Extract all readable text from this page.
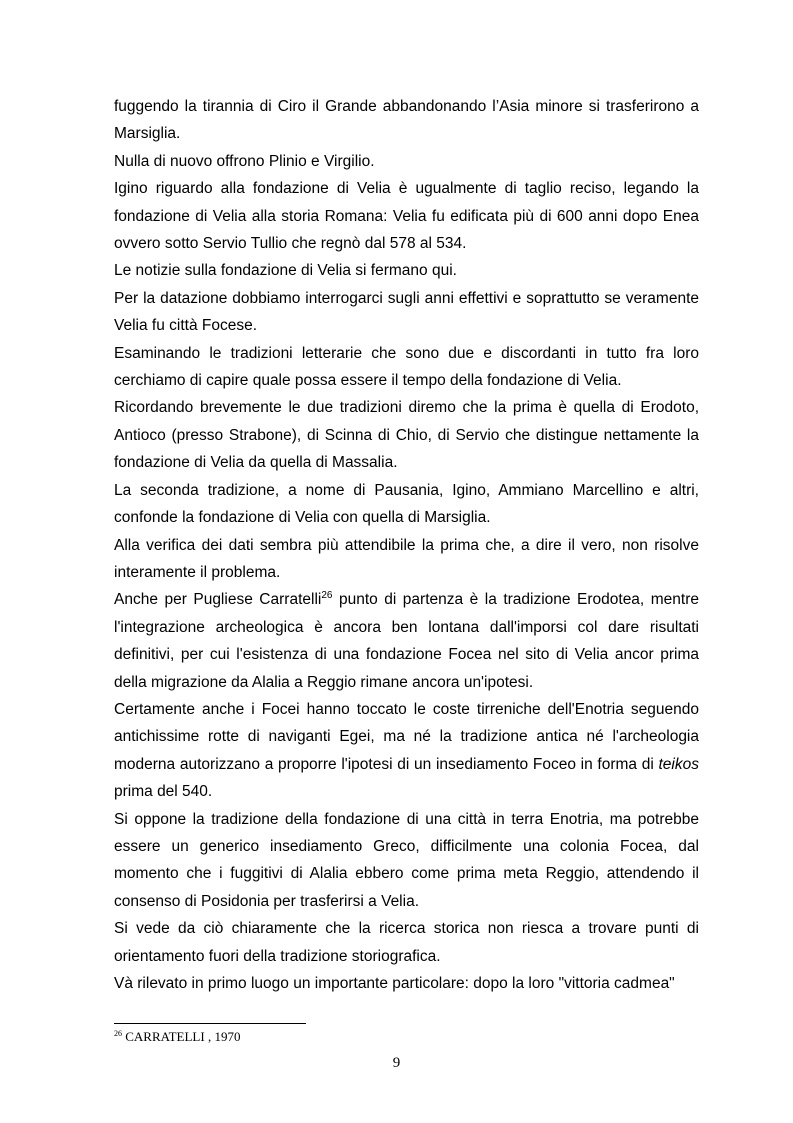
fuggendo la tirannia di Ciro il Grande abbandonando l’Asia minore si trasferirono a Marsiglia.

Nulla di nuovo offrono Plinio e Virgilio.

Igino riguardo alla fondazione di Velia è ugualmente di taglio reciso, legando la fondazione di Velia alla storia Romana: Velia fu edificata più di 600 anni dopo Enea ovvero sotto Servio Tullio che regnò dal 578 al 534.

Le notizie sulla fondazione di Velia si fermano qui.

Per la datazione dobbiamo interrogarci sugli anni effettivi e soprattutto se veramente Velia fu città Focese.

Esaminando le tradizioni letterarie che sono due e discordanti in tutto fra loro cerchiamo di capire quale possa essere il tempo della fondazione di Velia.

Ricordando brevemente le due tradizioni diremo che la prima è quella di Erodoto, Antioco (presso Strabone), di Scinna di Chio, di Servio che distingue nettamente la fondazione di Velia da quella di Massalia.

La seconda tradizione, a nome di Pausania, Igino, Ammiano Marcellino e altri, confonde la fondazione di Velia con quella di Marsiglia.

Alla verifica dei dati sembra più attendibile la prima che, a dire il vero, non risolve interamente il problema.

Anche per Pugliese Carratelli$^{26}$ punto di partenza è la tradizione Erodotea, mentre l'integrazione archeologica è ancora ben lontana dall'imporsi col dare risultati definitivi, per cui l'esistenza di una fondazione Focea nel sito di Velia ancor prima della migrazione da Alalia a Reggio rimane ancora un'ipotesi.

Certamente anche i Focei hanno toccato le coste tirreniche dell'Enotria seguendo antichissime rotte di naviganti Egei, ma né la tradizione antica né l'archeologia moderna autorizzano a proporre l'ipotesi di un insediamento Foceo in forma di teikos prima del 540.

Si oppone la tradizione della fondazione di una città in terra Enotria, ma potrebbe essere un generico insediamento Greco, difficilmente una colonia Focea, dal momento che i fuggitivi di Alalia ebbero come prima meta Reggio, attendendo il consenso di Posidonia per trasferirsi a Velia.

Si vede da ciò chiaramente che la ricerca storica non riesca a trovare punti di orientamento fuori della tradizione storiografica.

Và rilevato in primo luogo un importante particolare: dopo la loro "vittoria cadmea"

$^{26}$ CARRATELLI , 1970
9
